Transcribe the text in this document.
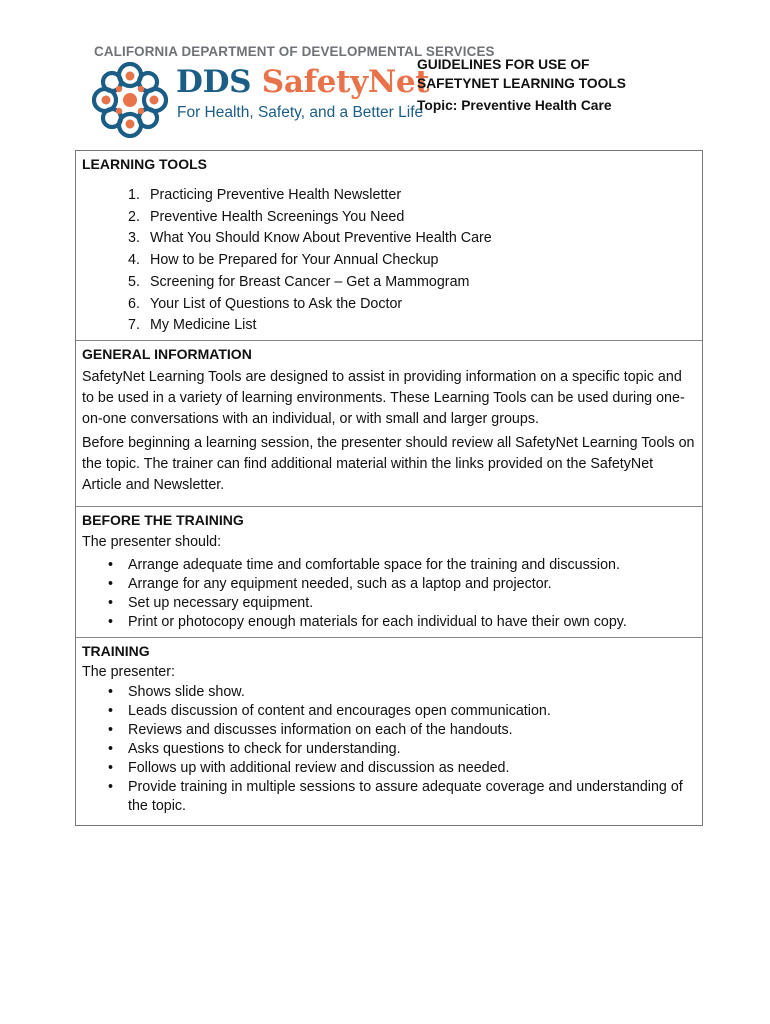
CALIFORNIA DEPARTMENT OF DEVELOPMENTAL SERVICES
DDS SafetyNet
For Health, Safety, and a Better Life
GUIDELINES FOR USE OF
SAFETYNET LEARNING TOOLS
Topic: Preventive Health Care
LEARNING TOOLS
1. Practicing Preventive Health Newsletter
2. Preventive Health Screenings You Need
3. What You Should Know About Preventive Health Care
4. How to be Prepared for Your Annual Checkup
5. Screening for Breast Cancer – Get a Mammogram
6. Your List of Questions to Ask the Doctor
7. My Medicine List
GENERAL INFORMATION

SafetyNet Learning Tools are designed to assist in providing information on a specific topic and to be used in a variety of learning environments. These Learning Tools can be used during one-on-one conversations with an individual, or with small and larger groups.

Before beginning a learning session, the presenter should review all SafetyNet Learning Tools on the topic. The trainer can find additional material within the links provided on the SafetyNet Article and Newsletter.

BEFORE THE TRAINING

The presenter should:

• Arrange adequate time and comfortable space for the training and discussion.
• Arrange for any equipment needed, such as a laptop and projector.
• Set up necessary equipment.
• Print or photocopy enough materials for each individual to have their own copy.
TRAINING

The presenter:

• Shows slide show.
• Leads discussion of content and encourages open communication.
• Reviews and discusses information on each of the handouts.
• Asks questions to check for understanding.
• Follows up with additional review and discussion as needed.
• Provide training in multiple sessions to assure adequate coverage and understanding of the topic.
